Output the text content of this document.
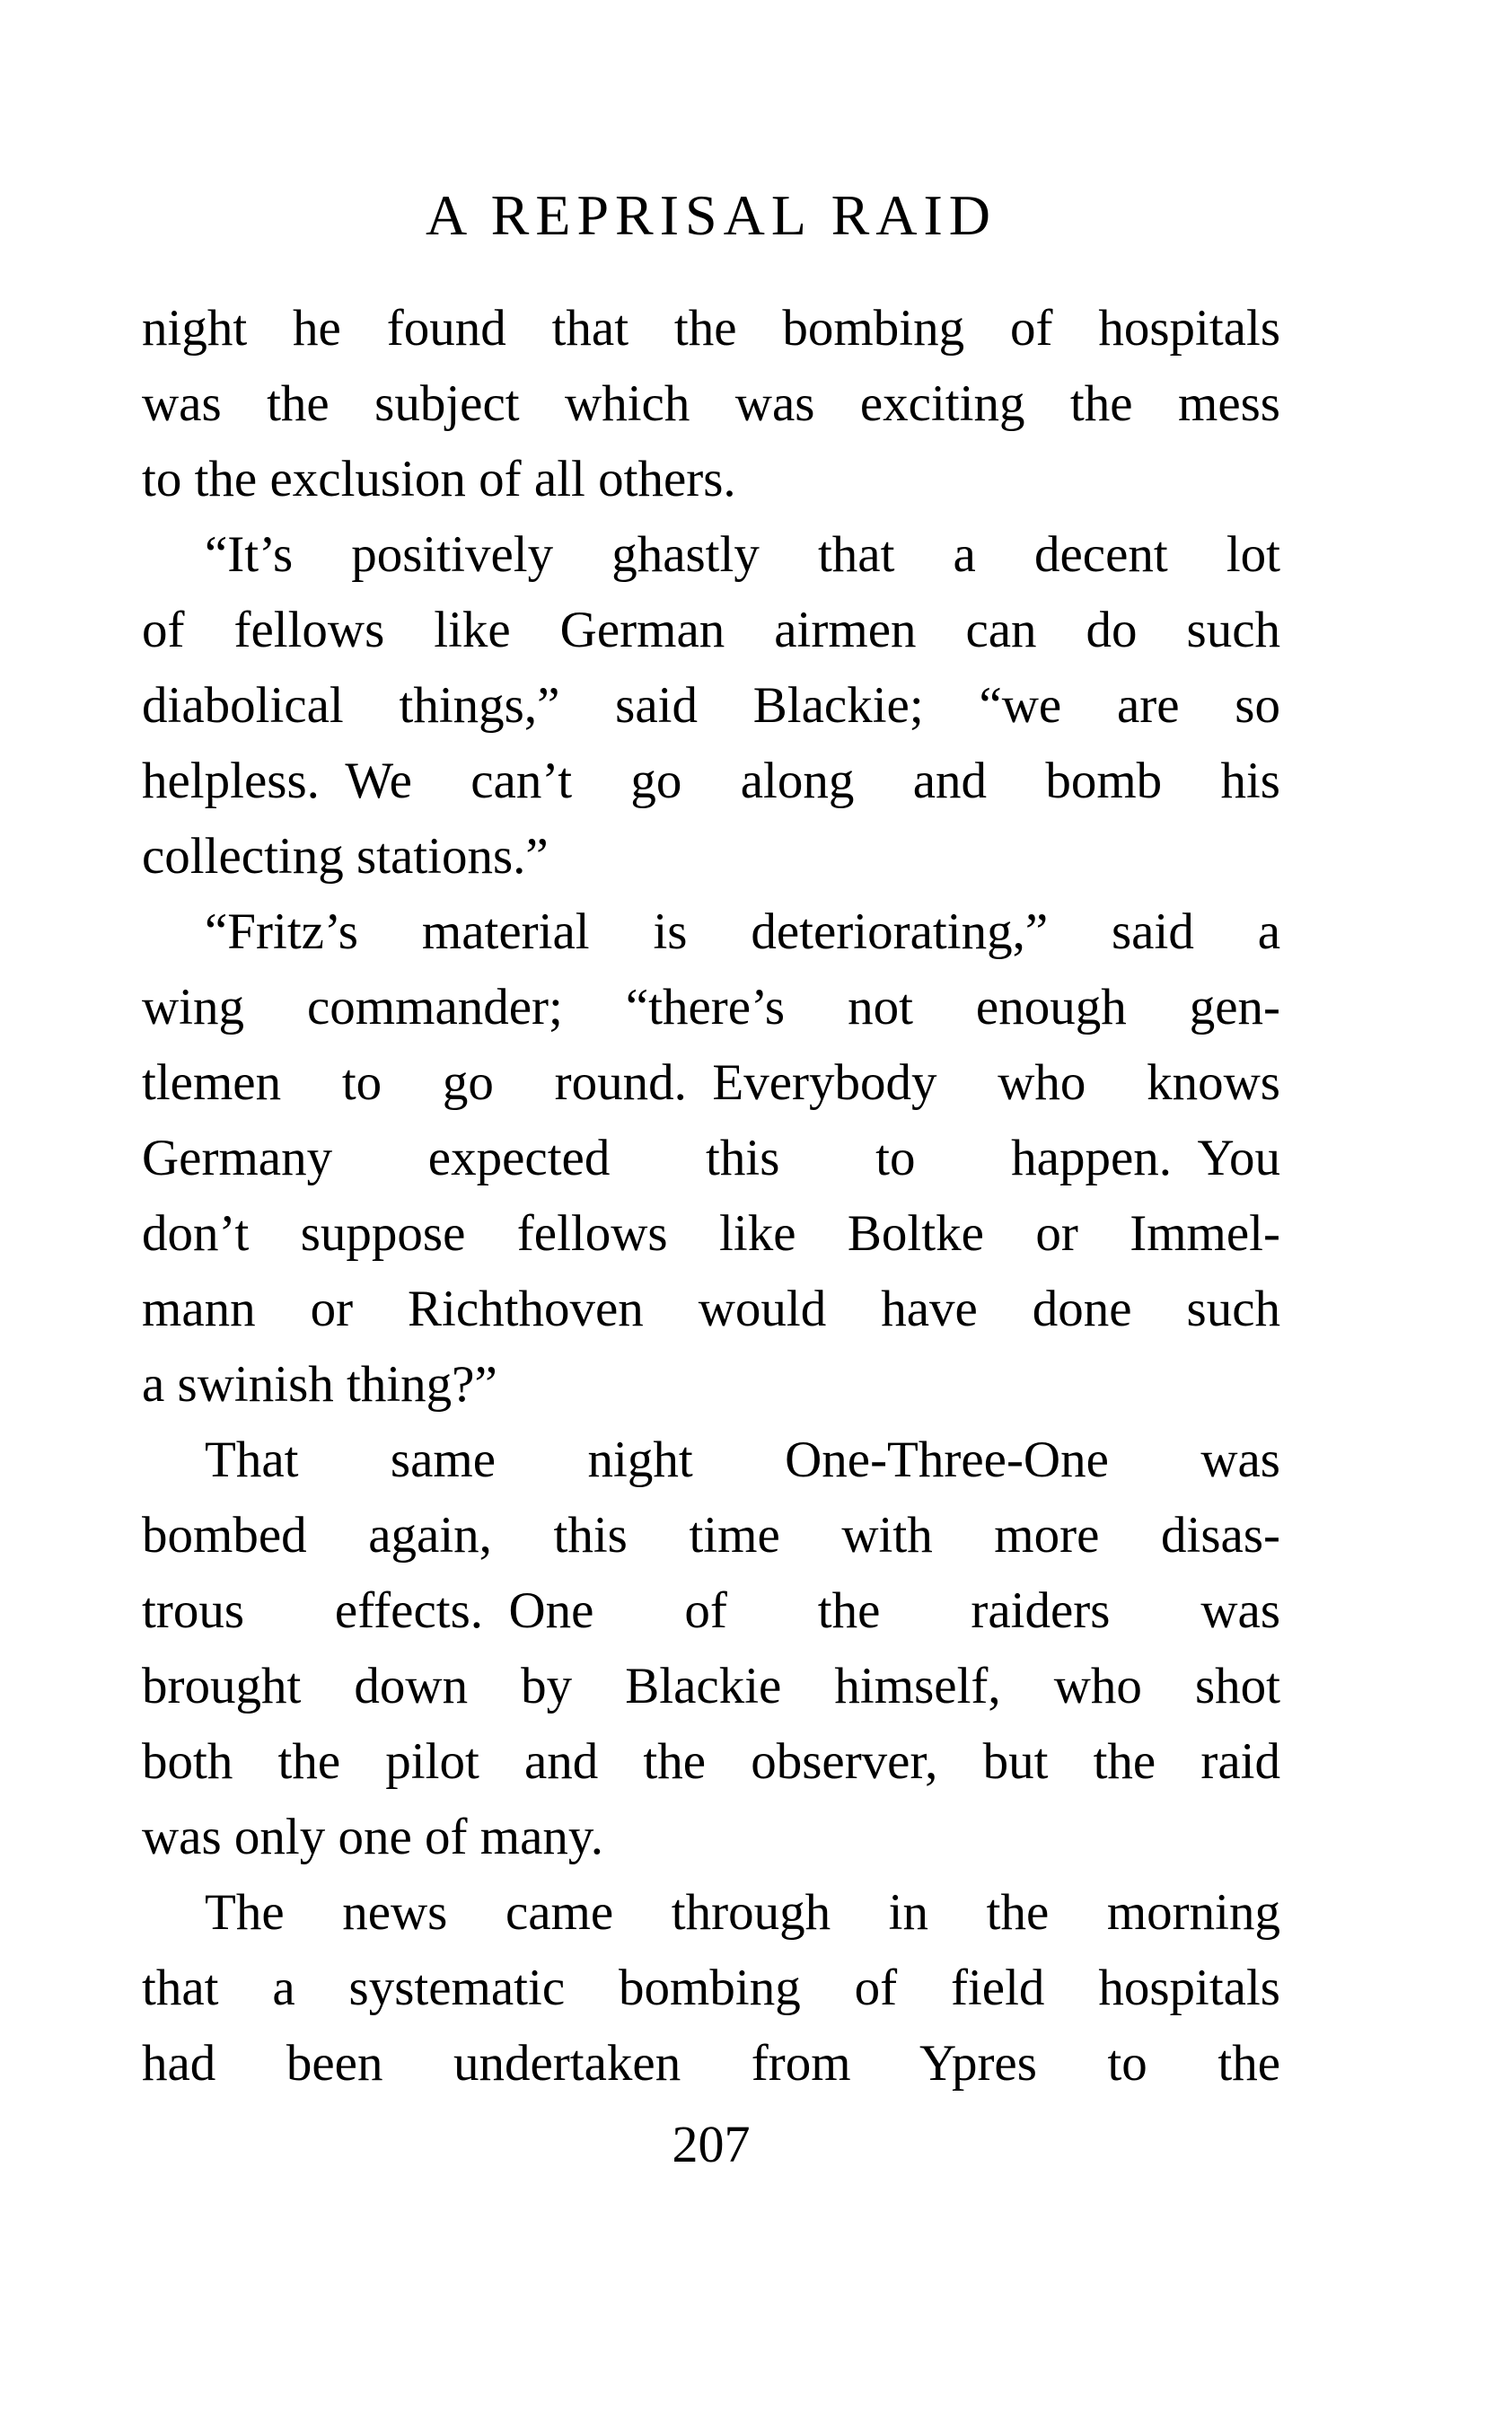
A REPRISAL RAID
night he found that the bombing of hospitals
was the subject which was exciting the mess
to the exclusion of all others.
“It’s positively ghastly that a decent lot
of fellows like German airmen can do such
diabolical things,” said Blackie; “we are so
helpless. We can’t go along and bomb his
collecting stations.”
“Fritz’s material is deteriorating,” said a
wing commander; “there’s not enough gen-
tlemen to go round. Everybody who knows
Germany expected this to happen. You
don’t suppose fellows like Boltke or Immel-
mann or Richthoven would have done such
a swinish thing?”
That same night One-Three-One was
bombed again, this time with more disas-
trous effects. One of the raiders was
brought down by Blackie himself, who shot
both the pilot and the observer, but the raid
was only one of many.
The news came through in the morning
that a systematic bombing of field hospitals
had been undertaken from Ypres to the
207
